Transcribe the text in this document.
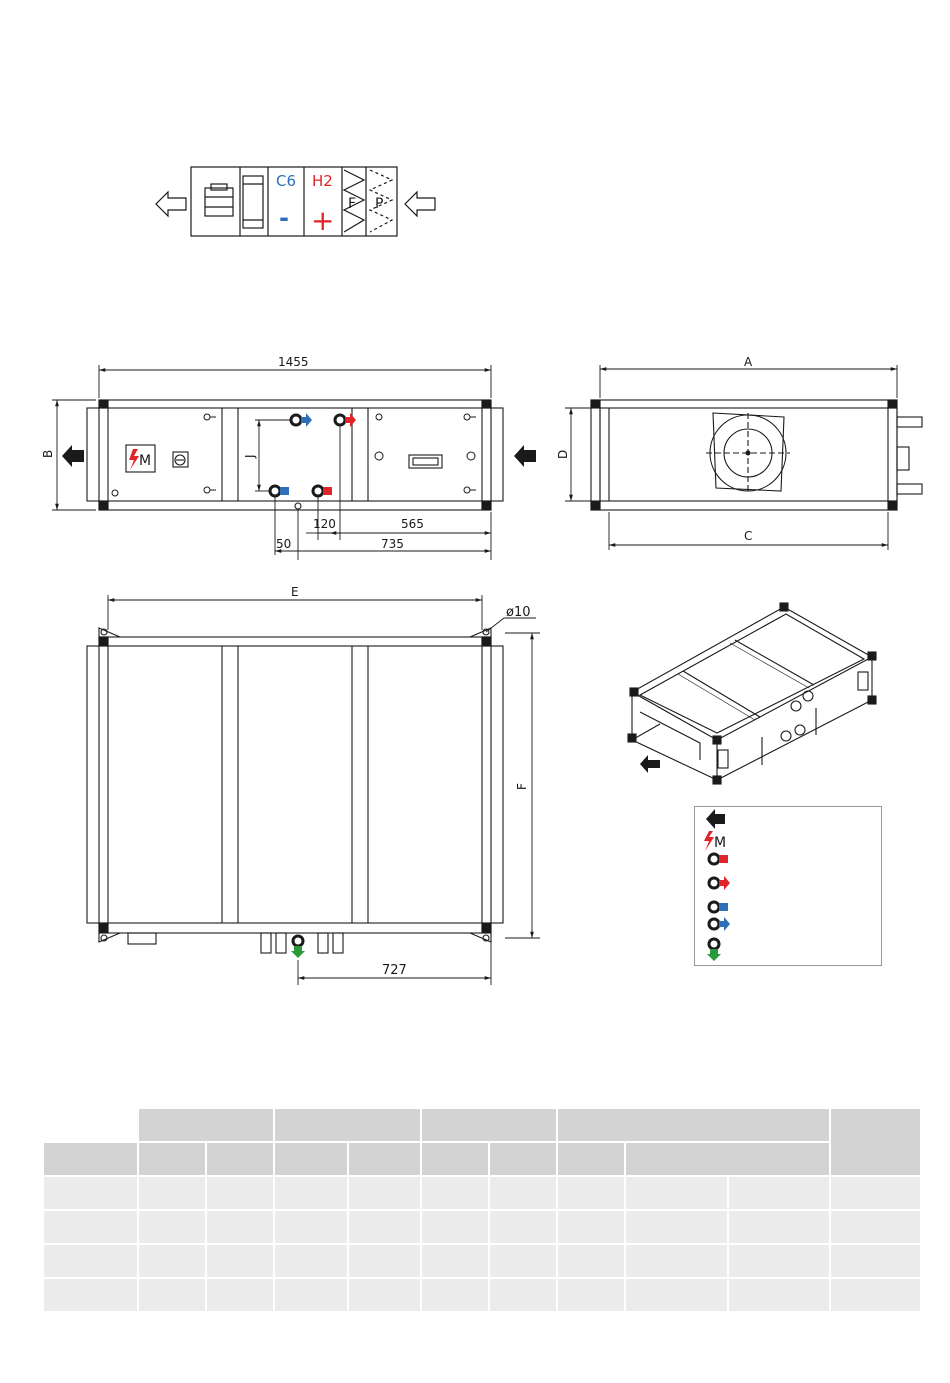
C6 H2
F P
- +
M
1455
B	J
120	565
50	735
A
C
D
E
ø10
F
727
M
